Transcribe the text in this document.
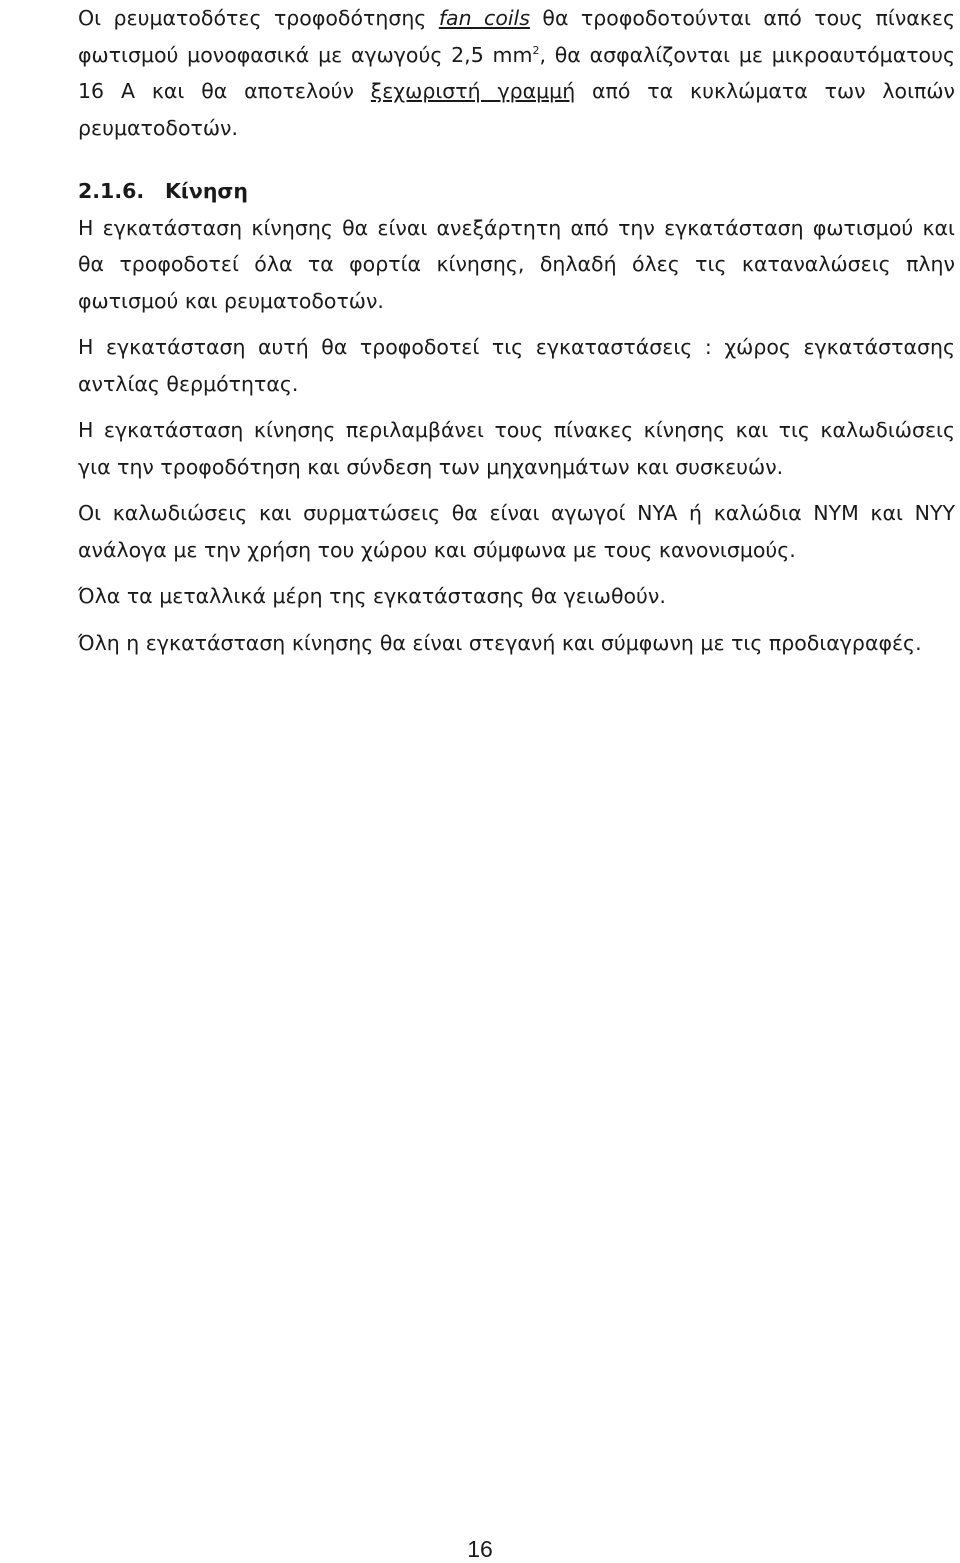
Οι ρευματοδότες τροφοδότησης fan coils θα τροφοδοτούνται από τους πίνακες φωτισμού μονοφασικά με αγωγούς 2,5 $mm^2$, θα ασφαλίζονται με μικροαυτόματους 16 A και θα αποτελούν ξεχωριστή γραμμή από τα κυκλώματα των λοιπών ρευματοδοτών.

2.1.6. Κίνηση

Η εγκατάσταση κίνησης θα είναι ανεξάρτητη από την εγκατάσταση φωτισμού και θα τροφοδοτεί όλα τα φορτία κίνησης, δηλαδή όλες τις καταναλώσεις πλην φωτισμού και ρευματοδοτών.

Η εγκατάσταση αυτή θα τροφοδοτεί τις εγκαταστάσεις : χώρος εγκατάστασης αντλίας θερμότητας.

Η εγκατάσταση κίνησης περιλαμβάνει τους πίνακες κίνησης και τις καλωδιώσεις για την τροφοδότηση και σύνδεση των μηχανημάτων και συσκευών.

Οι καλωδιώσεις και συρματώσεις θα είναι αγωγοί NYA ή καλώδια NYM και NYY ανάλογα με την χρήση του χώρου και σύμφωνα με τους κανονισμούς.

Όλα τα μεταλλικά μέρη της εγκατάστασης θα γειωθούν.

Όλη η εγκατάσταση κίνησης θα είναι στεγανή και σύμφωνη με τις προδιαγραφές.

16
